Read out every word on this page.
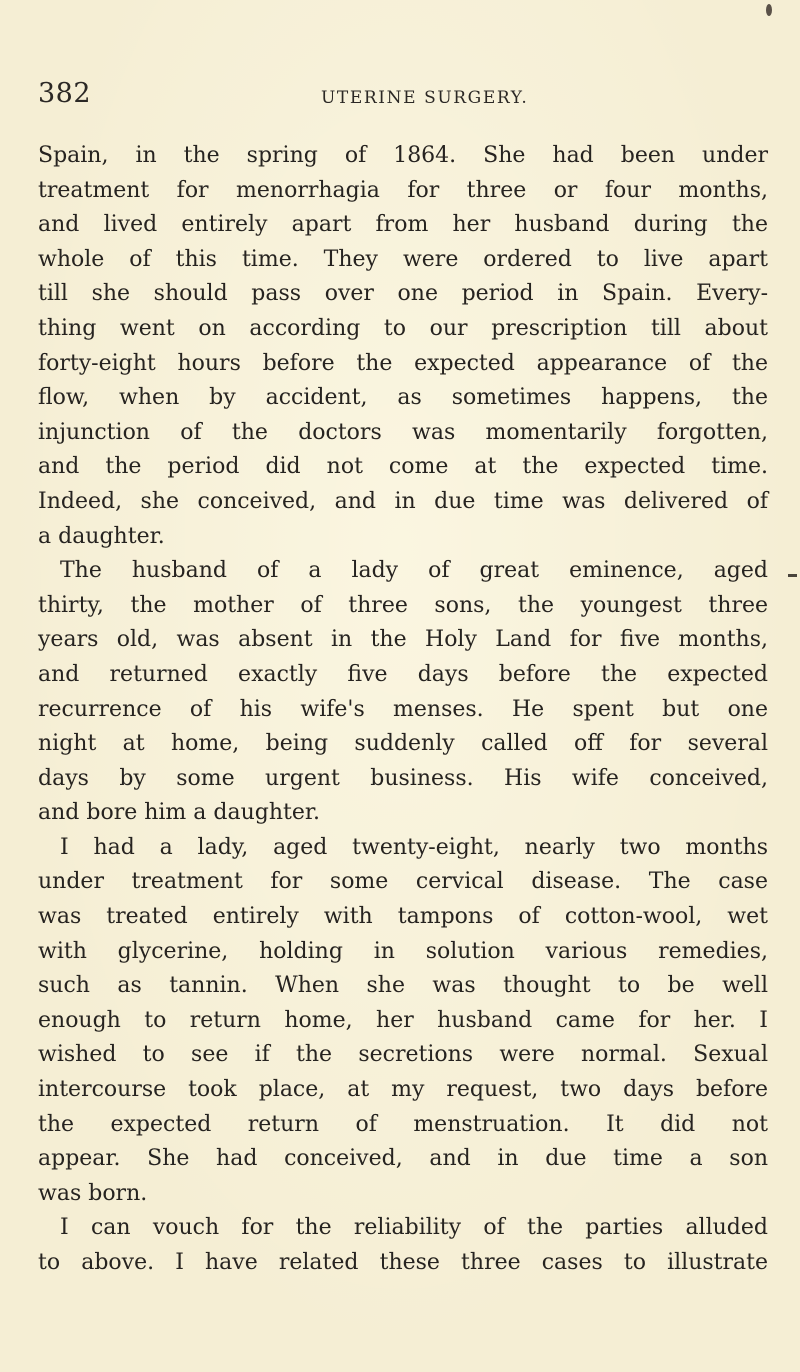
382	UTERINE SURGERY.
Spain, in the spring of 1864. She had been under
treatment for menorrhagia for three or four months,
and lived entirely apart from her husband during the
whole of this time. They were ordered to live apart
till she should pass over one period in Spain. Every-
thing went on according to our prescription till about
forty-eight hours before the expected appearance of the
flow, when by accident, as sometimes happens, the
injunction of the doctors was momentarily forgotten,
and the period did not come at the expected time.
Indeed, she conceived, and in due time was delivered of
a daughter.
The husband of a lady of great eminence, aged
thirty, the mother of three sons, the youngest three
years old, was absent in the Holy Land for five months,
and returned exactly five days before the expected
recurrence of his wife's menses. He spent but one
night at home, being suddenly called off for several
days by some urgent business. His wife conceived,
and bore him a daughter.
I had a lady, aged twenty-eight, nearly two months
under treatment for some cervical disease. The case
was treated entirely with tampons of cotton-wool, wet
with glycerine, holding in solution various remedies,
such as tannin. When she was thought to be well
enough to return home, her husband came for her. I
wished to see if the secretions were normal. Sexual
intercourse took place, at my request, two days before
the expected return of menstruation. It did not
appear. She had conceived, and in due time a son
was born.
I can vouch for the reliability of the parties alluded
to above. I have related these three cases to illustrate
